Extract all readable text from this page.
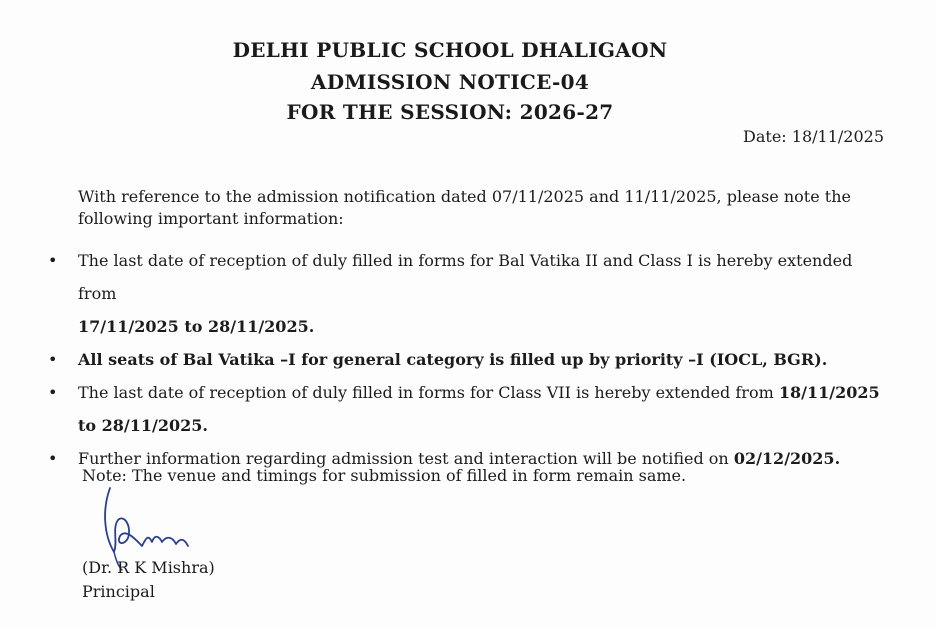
DELHI PUBLIC SCHOOL DHALIGAON
ADMISSION NOTICE-04
FOR THE SESSION: 2026-27
Date: 18/11/2025
With reference to the admission notification dated 07/11/2025 and 11/11/2025, please note the following important information:
• The last date of reception of duly filled in forms for Bal Vatika II and Class I is hereby extended from
17/11/2025 to 28/11/2025.
• All seats of Bal Vatika –I for general category is filled up by priority –I (IOCL, BGR).
• The last date of reception of duly filled in forms for Class VII is hereby extended from 18/11/2025 to 28/11/2025.
• Further information regarding admission test and interaction will be notified on 02/12/2025.
Note: The venue and timings for submission of filled in form remain same.
(Dr. R K Mishra)
Principal
